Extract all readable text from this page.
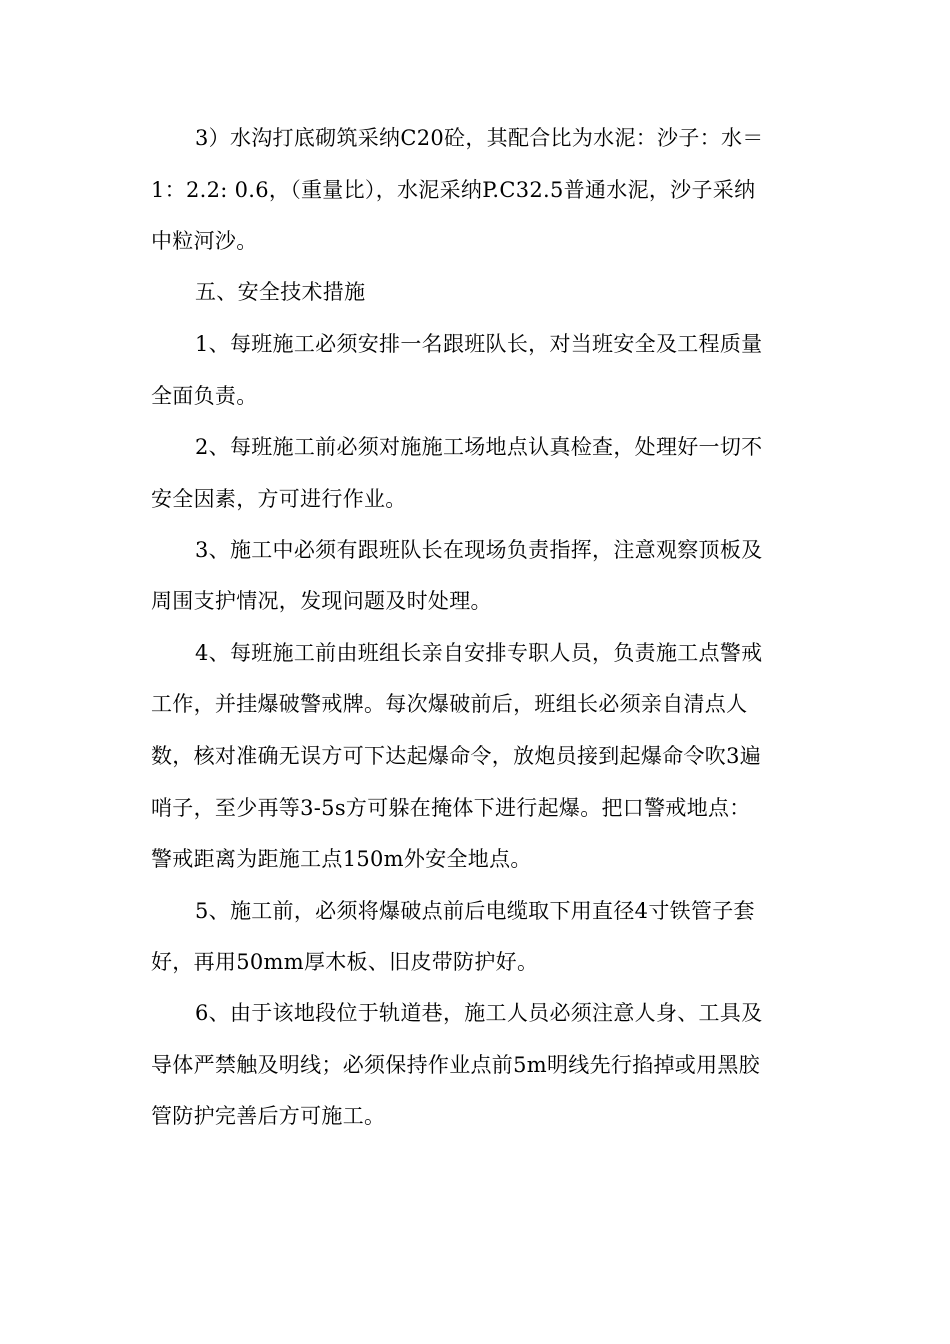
3）水沟打底砌筑采纳C20砼，其配合比为水泥：沙子：水＝
1：2.2: 0.6，（重量比），水泥采纳P.C32.5普通水泥，沙子采纳
中粒河沙。
五、安全技术措施
1、每班施工必须安排一名跟班队长，对当班安全及工程质量
全面负责。
2、每班施工前必须对施施工场地点认真检查，处理好一切不
安全因素，方可进行作业。
3、施工中必须有跟班队长在现场负责指挥，注意观察顶板及
周围支护情况，发现问题及时处理。
4、每班施工前由班组长亲自安排专职人员，负责施工点警戒
工作，并挂爆破警戒牌。每次爆破前后，班组长必须亲自清点人
数，核对准确无误方可下达起爆命令，放炮员接到起爆命令吹3遍
哨子，至少再等3-5s方可躲在掩体下进行起爆。把口警戒地点：
警戒距离为距施工点150m外安全地点。
5、施工前，必须将爆破点前后电缆取下用直径4寸铁管子套
好，再用50mm厚木板、旧皮带防护好。
6、由于该地段位于轨道巷，施工人员必须注意人身、工具及
导体严禁触及明线；必须保持作业点前5m明线先行掐掉或用黑胶
管防护完善后方可施工。
